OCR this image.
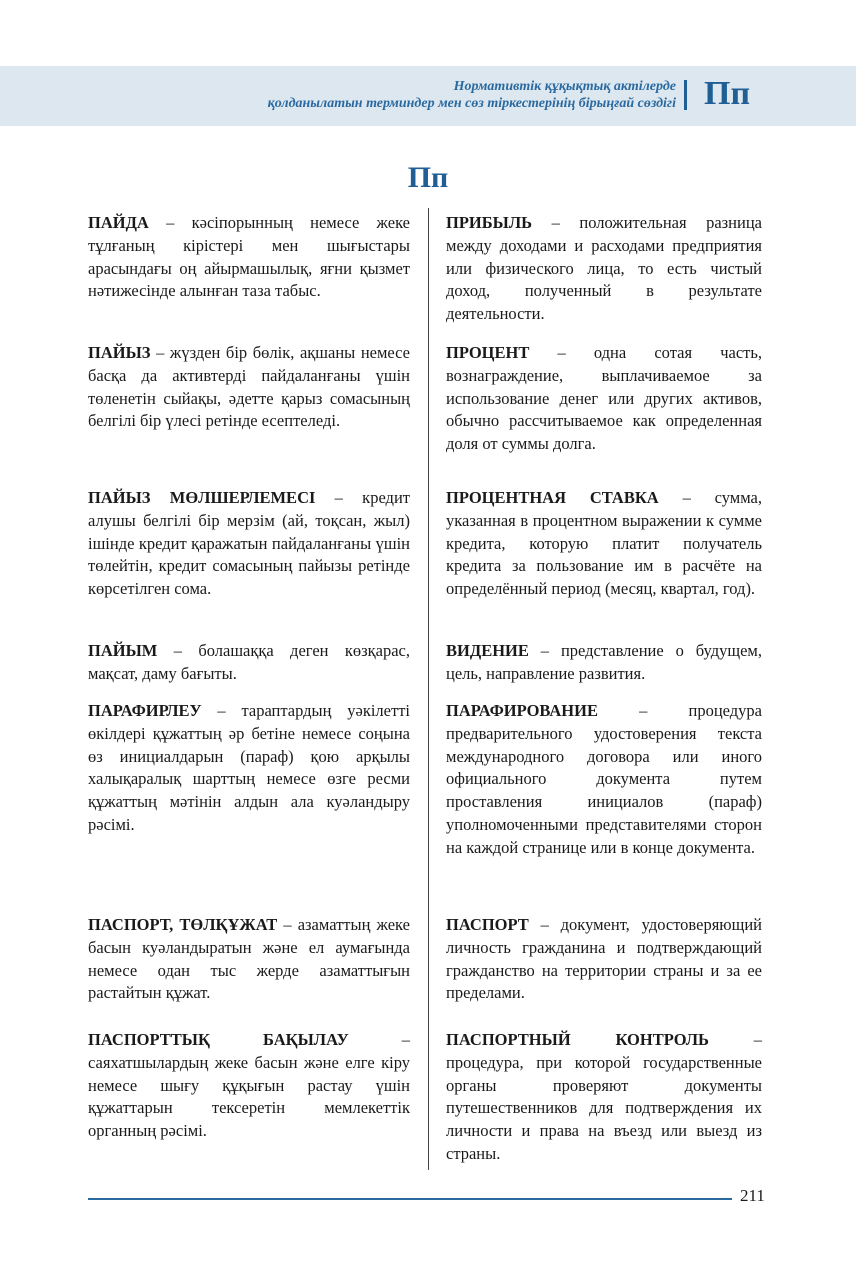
Нормативтік құқықтық актілерде
қолданылатын терминдер мен сөз тіркестерінің бірыңғай сөздігі Пп
Пп
ПАЙДА – кәсіпорынның немесе жеке тұлғаның кірістері мен шығыстары арасындағы оң айырмашылық, яғни қызмет нәтижесінде алынған таза табыс.
ПРИБЫЛЬ – положительная разница между доходами и расходами предприятия или физического лица, то есть чистый доход, полученный в результате деятельности.
ПАЙЫЗ – жүзден бір бөлік, ақшаны немесе басқа да активтерді пайдаланғаны үшін төленетін сыйақы, әдетте қарыз сомасының белгілі бір үлесі ретінде есептеледі.
ПРОЦЕНТ – одна сотая часть, вознаграждение, выплачиваемое за использование денег или других активов, обычно рассчитываемое как определенная доля от суммы долга.
ПАЙЫЗ МӨЛШЕРЛЕМЕСІ – кредит алушы белгілі бір мерзім (ай, тоқсан, жыл) ішінде кредит қаражатын пайдаланғаны үшін төлейтін, кредит сомасының пайызы ретінде көрсетілген сома.
ПРОЦЕНТНАЯ СТАВКА – сумма, указанная в процентном выражении к сумме кредита, которую платит получатель кредита за пользование им в расчёте на определённый период (месяц, квартал, год).
ПАЙЫМ – болашаққа деген көзқарас, мақсат, даму бағыты.
ВИДЕНИЕ – представление о будущем, цель, направление развития.
ПАРАФИРЛЕУ – тараптардың уәкілетті өкілдері құжаттың әр бетіне немесе соңына өз инициалдарын (параф) қою арқылы халықаралық шарттың немесе өзге ресми құжаттың мәтінін алдын ала куәландыру рәсімі.
ПАРАФИРОВАНИЕ – процедура предварительного удостоверения текста международного договора или иного официального документа путем проставления инициалов (параф) уполномоченными представителями сторон на каждой странице или в конце документа.
ПАСПОРТ, ТӨЛҚҰЖАТ – азаматтың жеке басын куәландыратын және ел аумағында немесе одан тыс жерде азаматтығын растайтын құжат.
ПАСПОРТ – документ, удостоверяющий личность гражданина и подтверждающий гражданство на территории страны и за ее пределами.
ПАСПОРТТЫҚ БАҚЫЛАУ – саяхатшылардың жеке басын және елге кіру немесе шығу құқығын растау үшін құжаттарын тексеретін мемлекеттік органның рәсімі.
ПАСПОРТНЫЙ КОНТРОЛЬ – процедура, при которой государственные органы проверяют документы путешественников для подтверждения их личности и права на въезд или выезд из страны.
211
